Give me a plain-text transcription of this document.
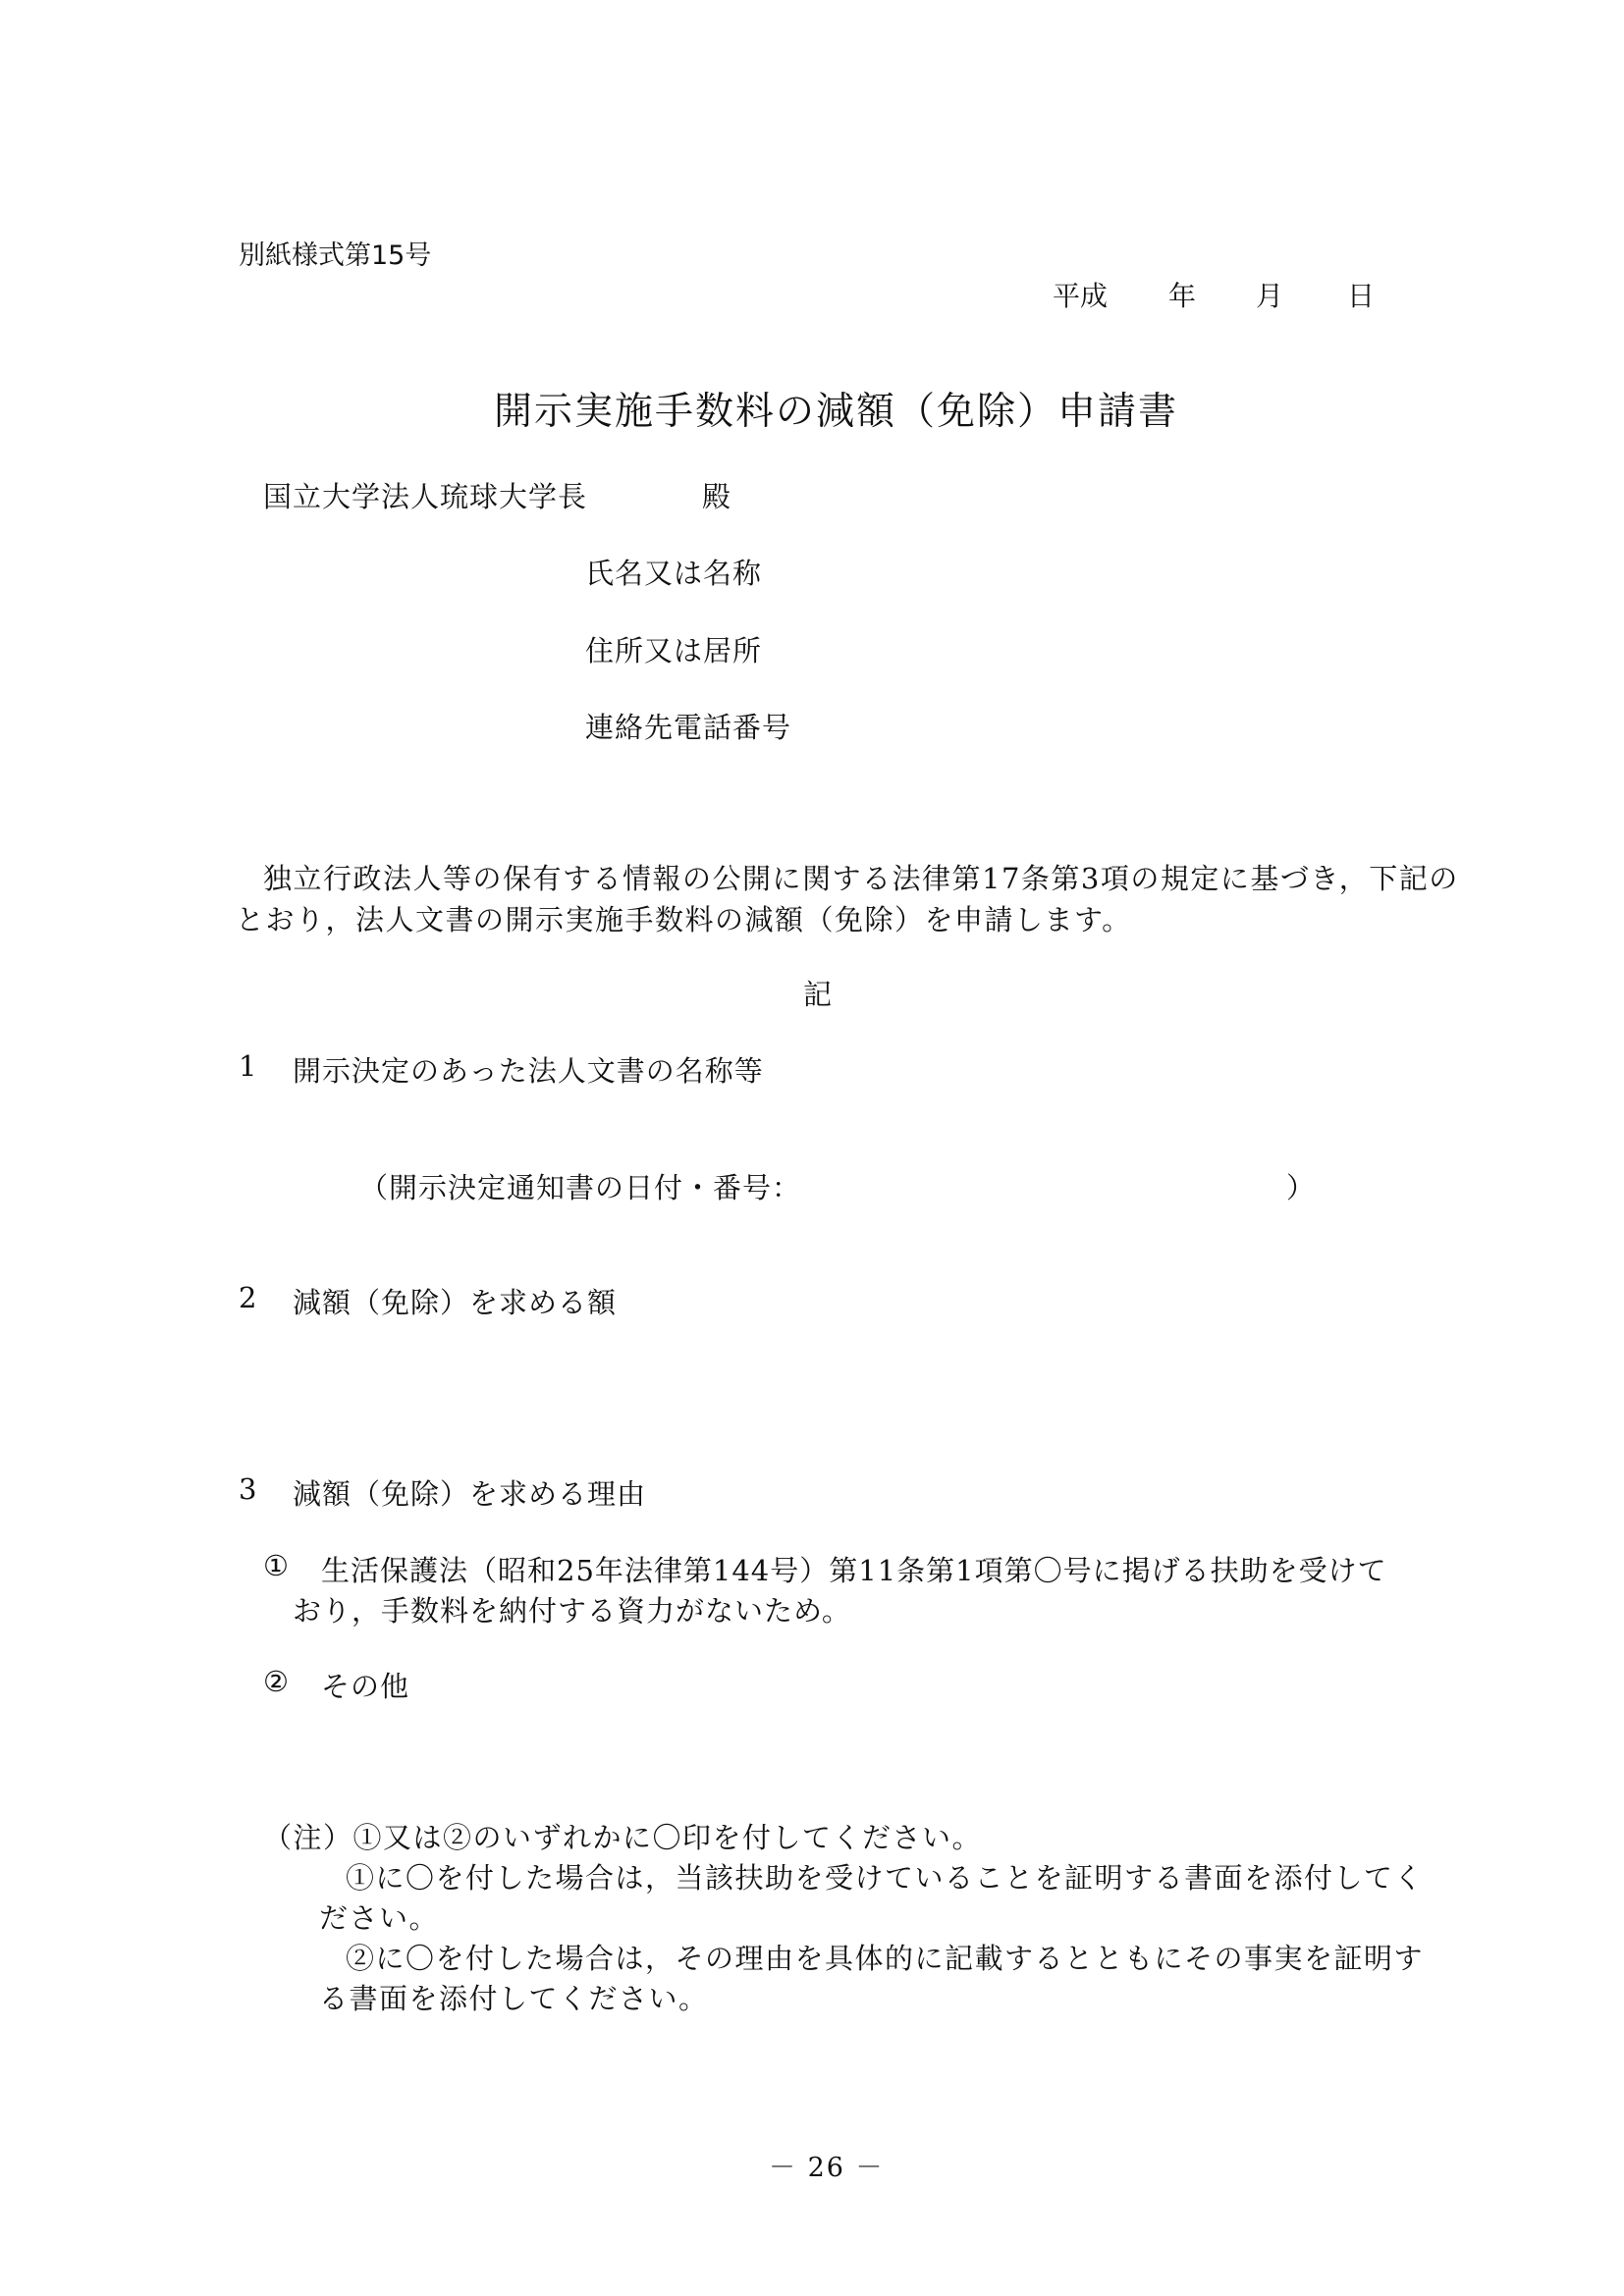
別紙様式第15号
平成 年 月 日
開示実施手数料の減額（免除）申請書
国立大学法人琉球大学長	殿
氏名又は名称
住所又は居所
連絡先電話番号
独立行政法人等の保有する情報の公開に関する法律第17条第3項の規定に基づき，下記の
とおり，法人文書の開示実施手数料の減額（免除）を申請します。
記
1 開示決定のあった法人文書の名称等
（開示決定通知書の日付・番号：	）
2 減額（免除）を求める額
3 減額（免除）を求める理由
① 生活保護法（昭和25年法律第144号）第11条第1項第〇号に掲げる扶助を受けて
おり，手数料を納付する資力がないため。
② その他
（注）①又は②のいずれかに〇印を付してください。
①に〇を付した場合は，当該扶助を受けていることを証明する書面を添付してく
ださい。
②に〇を付した場合は，その理由を具体的に記載するとともにその事実を証明す
る書面を添付してください。
－ 26 －
